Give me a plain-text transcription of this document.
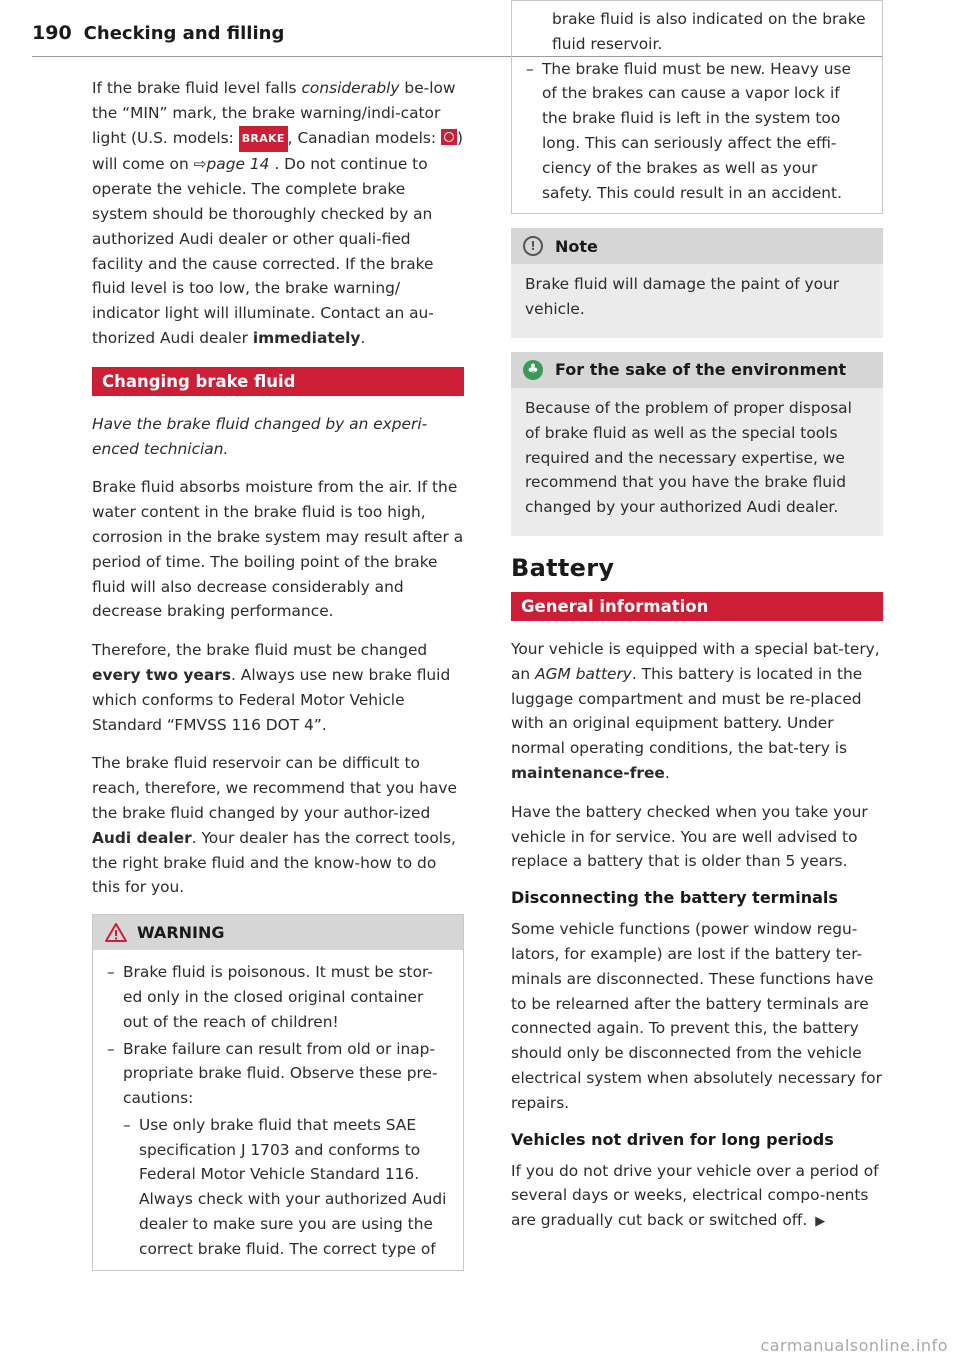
190 Checking and filling

If the brake fluid level falls considerably be-low the “MIN” mark, the brake warning/indi-cator light (U.S. models: BRAKE , Canadian models: ) will come on ⇨page 14 . Do not continue to operate the vehicle. The complete brake system should be thoroughly checked by an authorized Audi dealer or other quali-fied facility and the cause corrected. If the brake fluid level is too low, the brake warning/ indicator light will illuminate. Contact an au-thorized Audi dealer immediately.

Changing brake fluid

Have the brake fluid changed by an experi-enced technician.

Brake fluid absorbs moisture from the air. If the water content in the brake fluid is too high, corrosion in the brake system may result after a period of time. The boiling point of the brake fluid will also decrease considerably and decrease braking performance.

Therefore, the brake fluid must be changed every two years. Always use new brake fluid which conforms to Federal Motor Vehicle Standard “FMVSS 116 DOT 4”.

The brake fluid reservoir can be difficult to reach, therefore, we recommend that you have the brake fluid changed by your author-ized Audi dealer. Your dealer has the correct tools, the right brake fluid and the know-how to do this for you.

WARNING
– Brake fluid is poisonous. It must be stor-ed only in the closed original container out of the reach of children!
– Brake failure can result from old or inap-propriate brake fluid. Observe these pre-cautions:
– Use only brake fluid that meets SAE specification J 1703 and conforms to Federal Motor Vehicle Standard 116. Always check with your authorized Audi dealer to make sure you are using the correct brake fluid. The correct type of
brake fluid is also indicated on the brake fluid reservoir.
– The brake fluid must be new. Heavy use of the brakes can cause a vapor lock if the brake fluid is left in the system too long. This can seriously affect the effi-ciency of the brakes as well as your safety. This could result in an accident.
!	Note

Brake fluid will damage the paint of your vehicle.

♣ For the sake of the environment

Because of the problem of proper disposal of brake fluid as well as the special tools required and the necessary expertise, we recommend that you have the brake fluid changed by your authorized Audi dealer.

Battery
General information

Your vehicle is equipped with a special bat-tery, an AGM battery. This battery is located in the luggage compartment and must be re-placed with an original equipment battery. Under normal operating conditions, the bat-tery is maintenance-free.

Have the battery checked when you take your vehicle in for service. You are well advised to replace a battery that is older than 5 years.

Disconnecting the battery terminals

Some vehicle functions (power window regu-lators, for example) are lost if the battery ter-minals are disconnected. These functions have to be relearned after the battery terminals are connected again. To prevent this, the battery should only be disconnected from the vehicle electrical system when absolutely necessary for repairs.

Vehicles not driven for long periods

If you do not drive your vehicle over a period of several days or weeks, electrical compo-nents are gradually cut back or switched off. ▶

carmanualsonline.info
